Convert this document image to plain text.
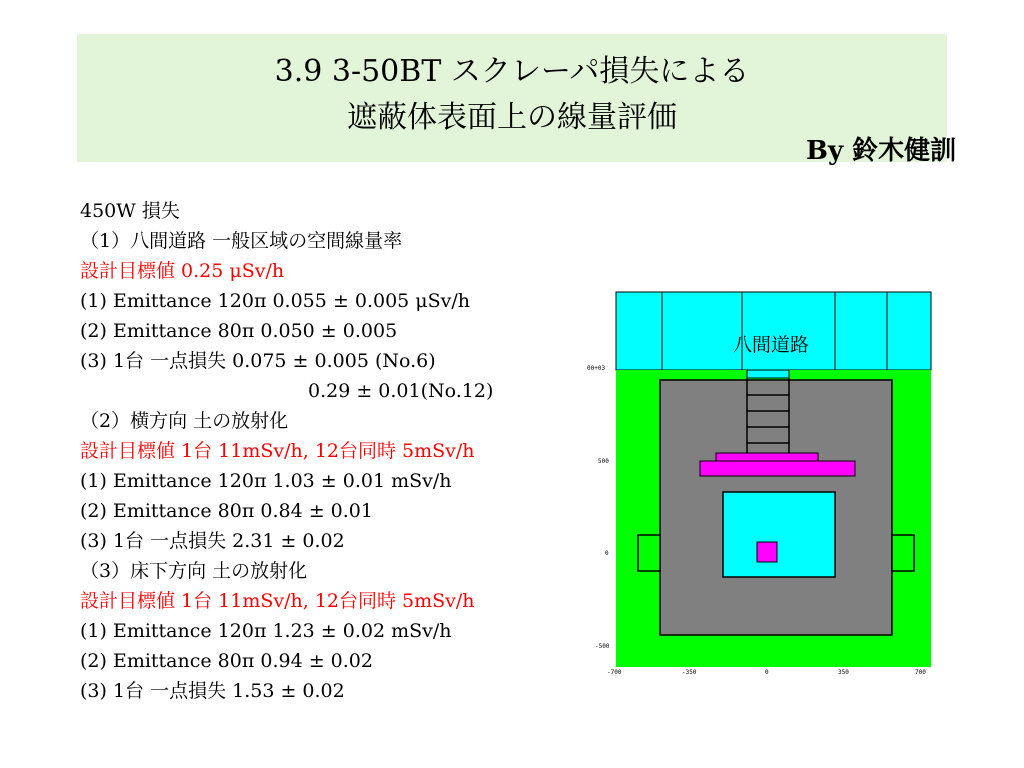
3.9 3-50BT スクレーパ損失による
遮蔽体表面上の線量評価
By 鈴木健訓
450W 損失
（1）八間道路 一般区域の空間線量率
設計目標値 0.25 μSv/h
(1) Emittance 120π 0.055 ± 0.005 μSv/h
(2) Emittance 80π 0.050 ± 0.005
(3) 1台 一点損失 0.075 ± 0.005 (No.6)
0.29 ± 0.01(No.12)
（2）横方向 土の放射化
設計目標値 1台 11mSv/h, 12台同時 5mSv/h
(1) Emittance 120π 1.03 ± 0.01 mSv/h
(2) Emittance 80π 0.84 ± 0.01
(3) 1台 一点損失 2.31 ± 0.02
（3）床下方向 土の放射化
設計目標値 1台 11mSv/h, 12台同時 5mSv/h
(1) Emittance 120π 1.23 ± 0.02 mSv/h
(2) Emittance 80π 0.94 ± 0.02
(3) 1台 一点損失 1.53 ± 0.02
00+03
500
0
-500
-700	-350	0	350	700
八間道路
